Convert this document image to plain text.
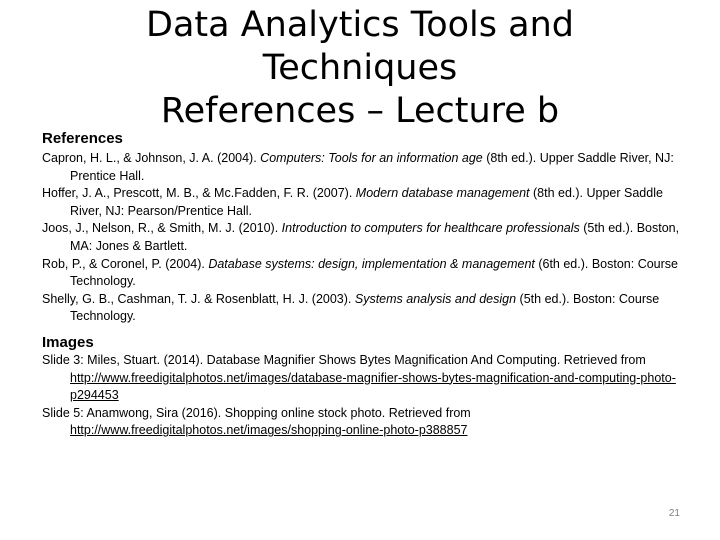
Data Analytics Tools and
Techniques
References – Lecture b
References
Capron, H. L., & Johnson, J. A. (2004). Computers: Tools for an information age (8th ed.). Upper Saddle River, NJ: Prentice Hall.
Hoffer, J. A., Prescott, M. B., & Mc.Fadden, F. R. (2007). Modern database management (8th ed.). Upper Saddle River, NJ: Pearson/Prentice Hall.
Joos, J., Nelson, R., & Smith, M. J. (2010). Introduction to computers for healthcare professionals (5th ed.). Boston, MA: Jones & Bartlett.
Rob, P., & Coronel, P. (2004). Database systems: design, implementation & management (6th ed.). Boston: Course Technology.
Shelly, G. B., Cashman, T. J. & Rosenblatt, H. J. (2003). Systems analysis and design (5th ed.). Boston: Course Technology.
Images
Slide 3: Miles, Stuart. (2014). Database Magnifier Shows Bytes Magnification And Computing. Retrieved from http://www.freedigitalphotos.net/images/database-magnifier-shows-bytes-magnification-and-computing-photo-p294453
Slide 5: Anamwong, Sira (2016). Shopping online stock photo. Retrieved from http://www.freedigitalphotos.net/images/shopping-online-photo-p388857
21
